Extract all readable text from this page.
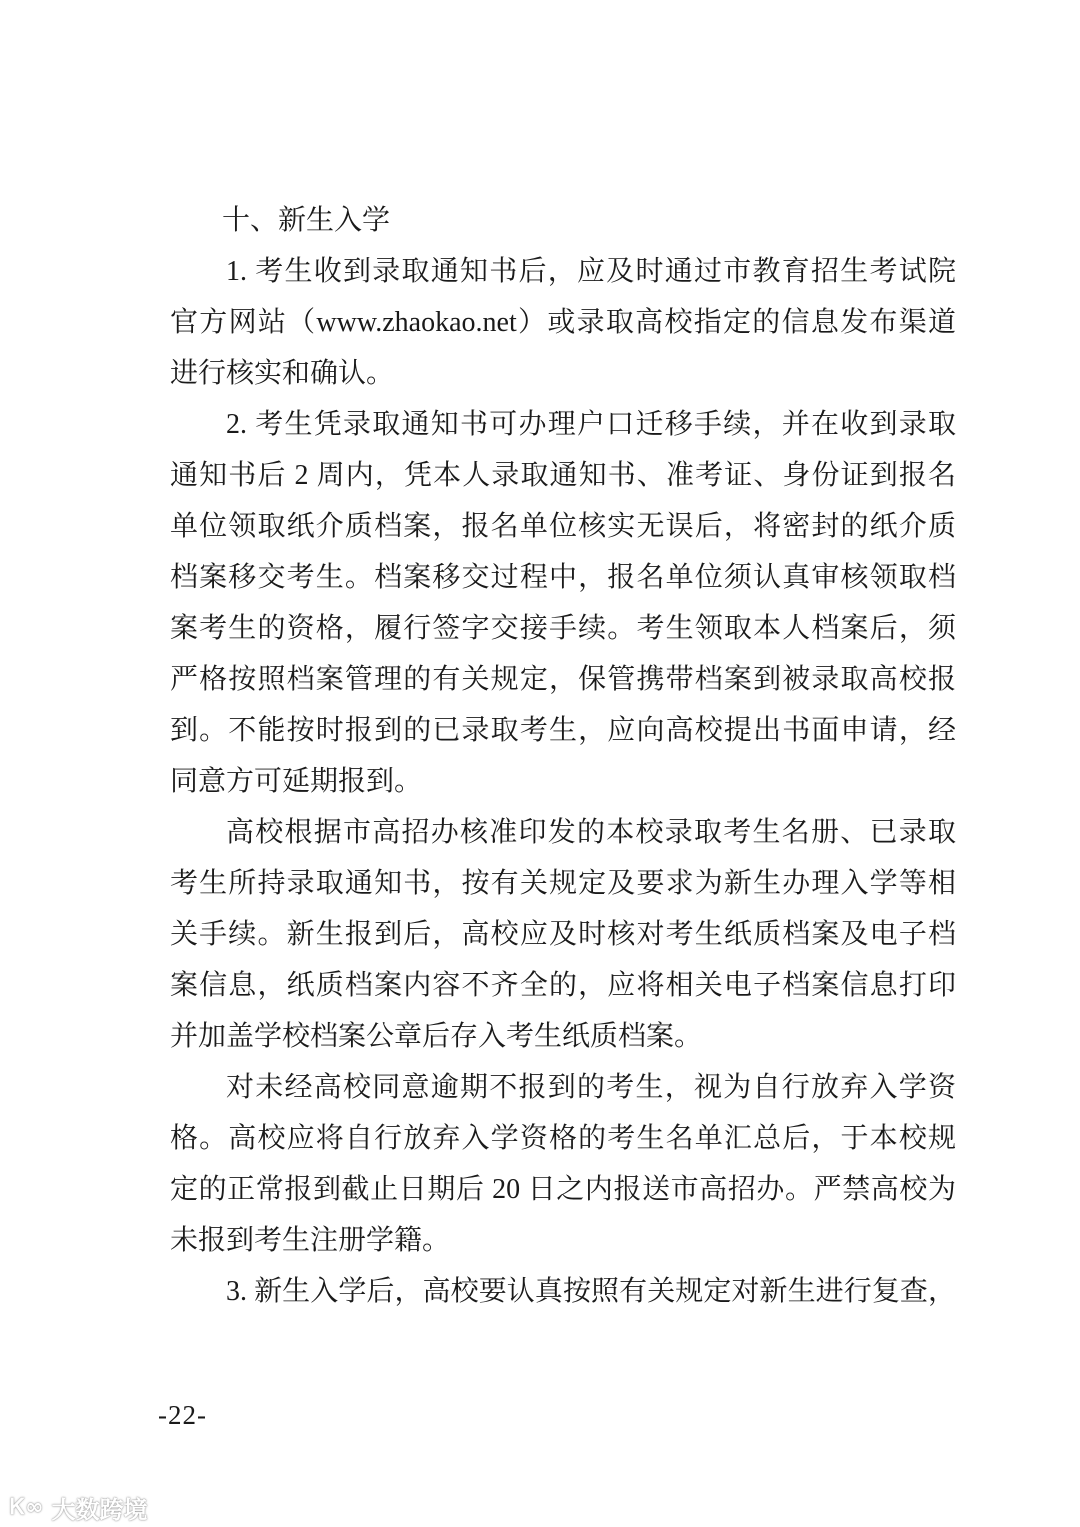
十、新生入学
1. 考生收到录取通知书后，应及时通过市教育招生考试院
官方网站（www.zhaokao.net）或录取高校指定的信息发布渠道
进行核实和确认。
2. 考生凭录取通知书可办理户口迁移手续，并在收到录取
通知书后 2 周内，凭本人录取通知书、准考证、身份证到报名
单位领取纸介质档案，报名单位核实无误后，将密封的纸介质
档案移交考生。档案移交过程中，报名单位须认真审核领取档
案考生的资格，履行签字交接手续。考生领取本人档案后，须
严格按照档案管理的有关规定，保管携带档案到被录取高校报
到。不能按时报到的已录取考生，应向高校提出书面申请，经
同意方可延期报到。
高校根据市高招办核准印发的本校录取考生名册、已录取
考生所持录取通知书，按有关规定及要求为新生办理入学等相
关手续。新生报到后，高校应及时核对考生纸质档案及电子档
案信息，纸质档案内容不齐全的，应将相关电子档案信息打印
并加盖学校档案公章后存入考生纸质档案。
对未经高校同意逾期不报到的考生，视为自行放弃入学资
格。高校应将自行放弃入学资格的考生名单汇总后，于本校规
定的正常报到截止日期后 20 日之内报送市高招办。严禁高校为
未报到考生注册学籍。
3. 新生入学后，高校要认真按照有关规定对新生进行复查，
-22-
Ꮶ∞ 大数跨境
